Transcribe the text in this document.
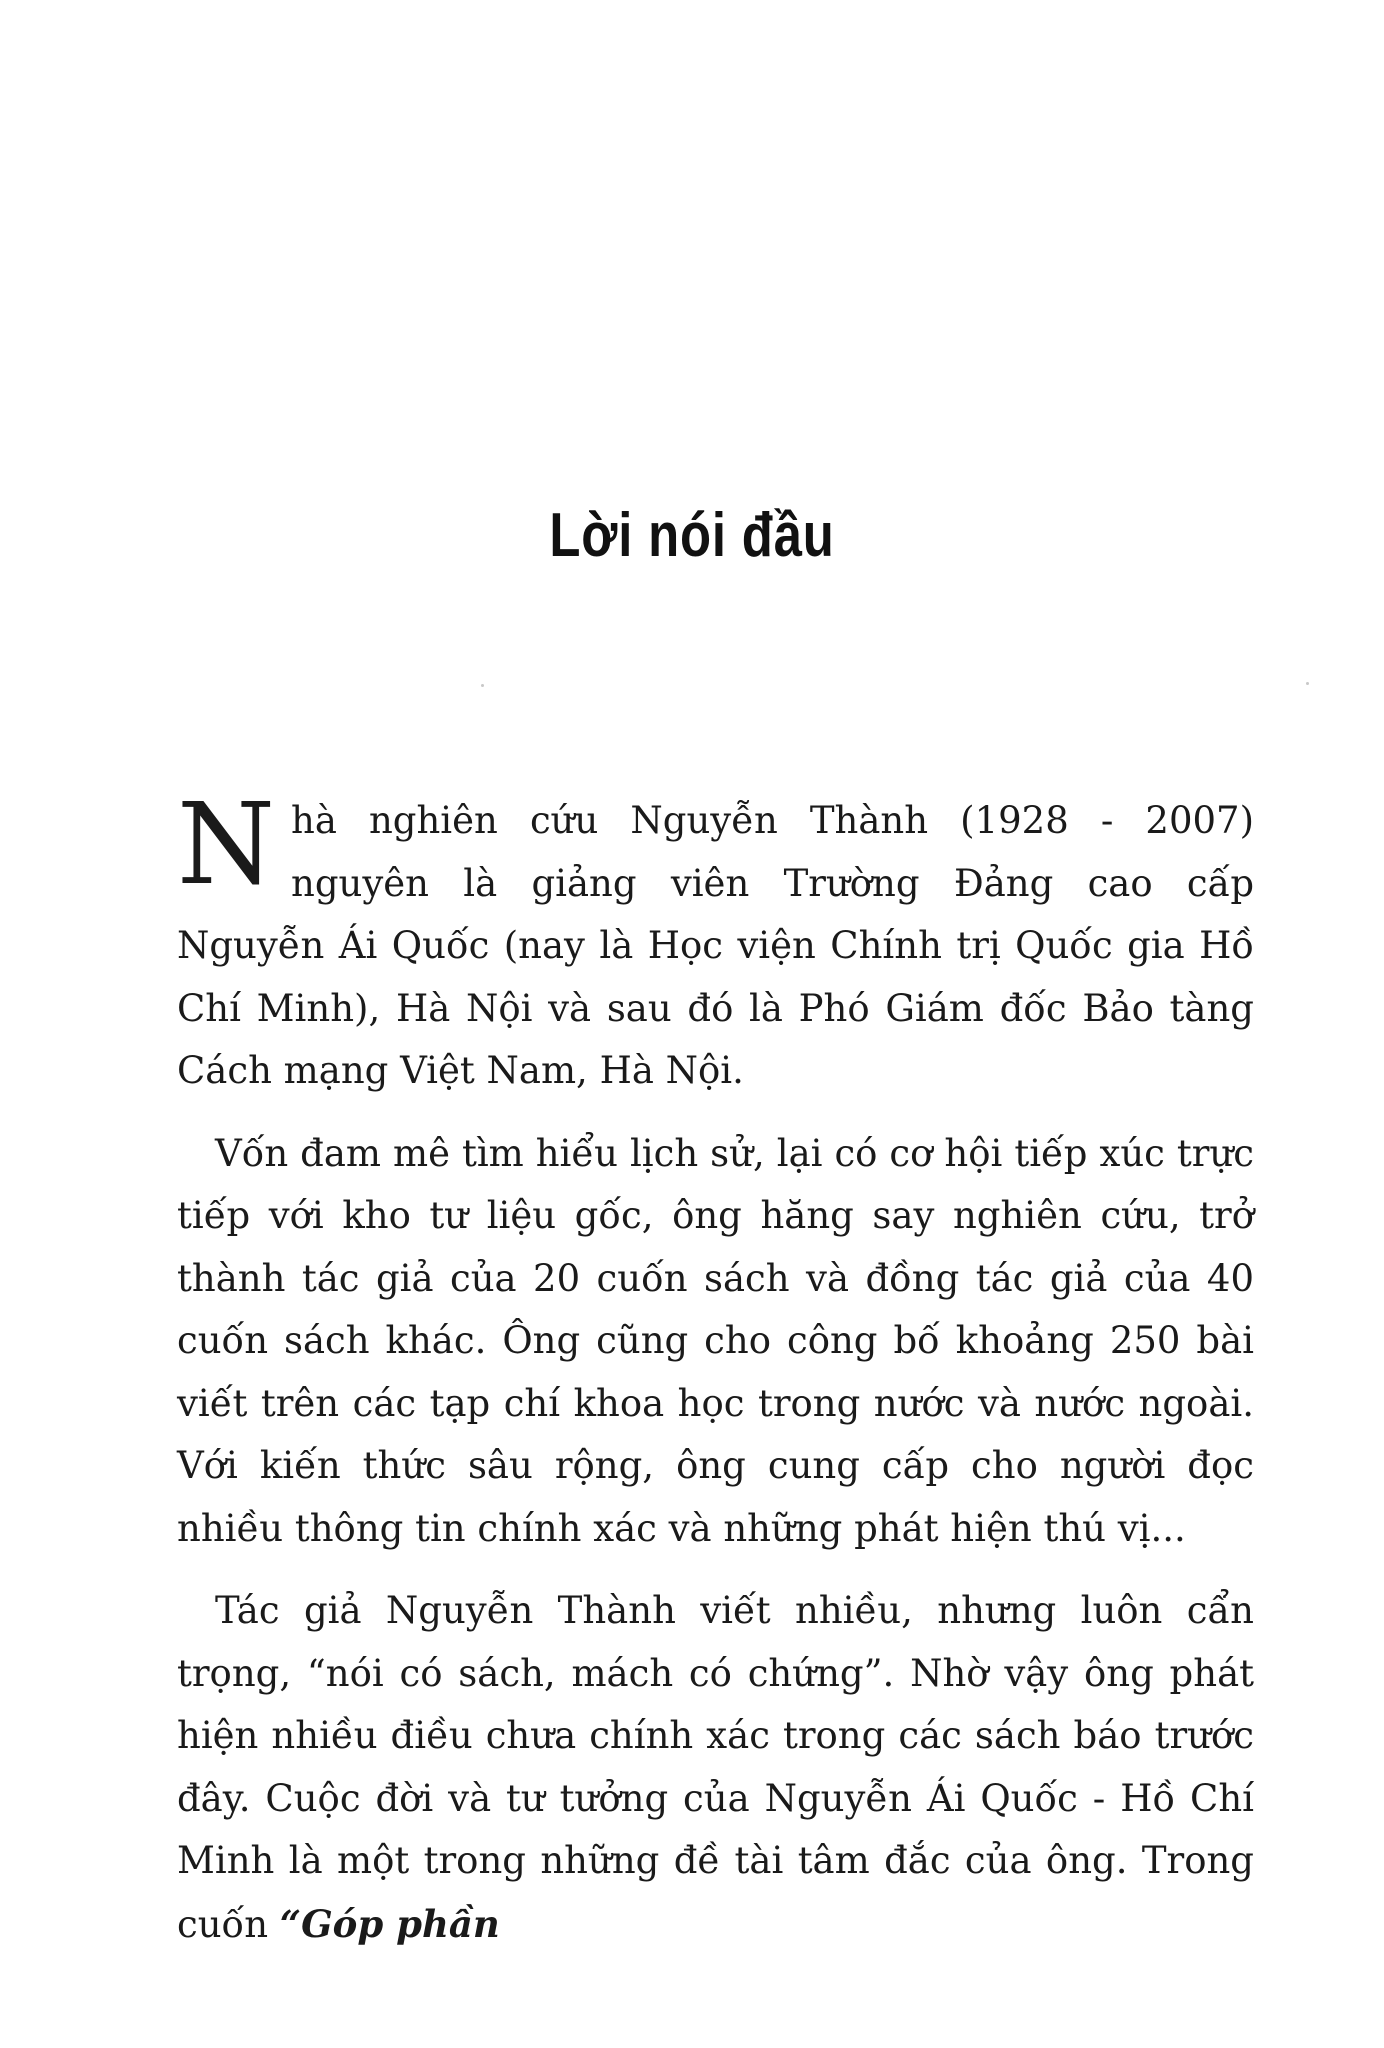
Lời nói đầu

Nhà nghiên cứu Nguyễn Thành (1928 - 2007) nguyên là giảng viên Trường Đảng cao cấp Nguyễn Ái Quốc (nay là Học viện Chính trị Quốc gia Hồ Chí Minh), Hà Nội và sau đó là Phó Giám đốc Bảo tàng Cách mạng Việt Nam, Hà Nội.

Vốn đam mê tìm hiểu lịch sử, lại có cơ hội tiếp xúc trực tiếp với kho tư liệu gốc, ông hăng say nghiên cứu, trở thành tác giả của 20 cuốn sách và đồng tác giả của 40 cuốn sách khác. Ông cũng cho công bố khoảng 250 bài viết trên các tạp chí khoa học trong nước và nước ngoài. Với kiến thức sâu rộng, ông cung cấp cho người đọc nhiều thông tin chính xác và những phát hiện thú vị...

Tác giả Nguyễn Thành viết nhiều, nhưng luôn cẩn trọng, “nói có sách, mách có chứng”. Nhờ vậy ông phát hiện nhiều điều chưa chính xác trong các sách báo trước đây. Cuộc đời và tư tưởng của Nguyễn Ái Quốc - Hồ Chí Minh là một trong những đề tài tâm đắc của ông. Trong cuốn “Góp phần
